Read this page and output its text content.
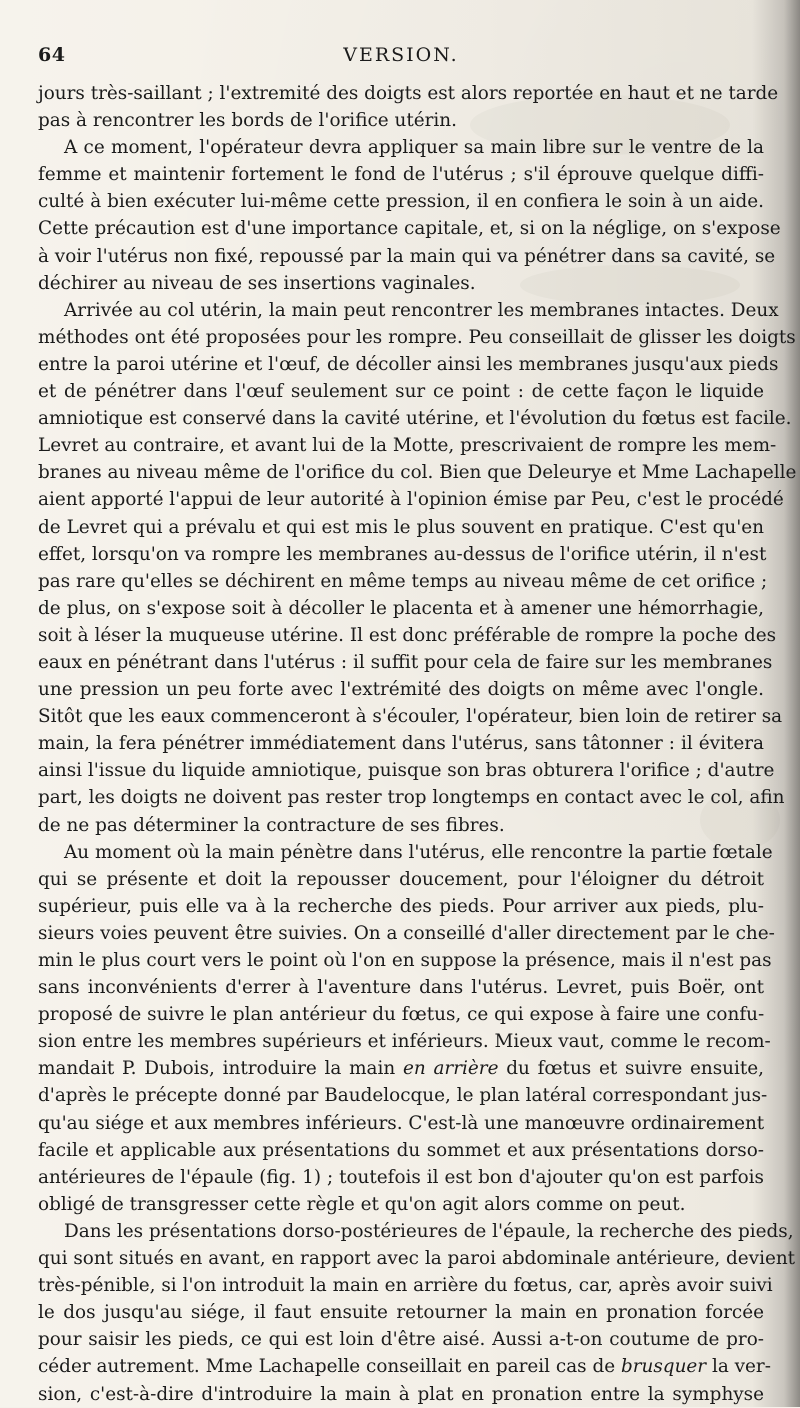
64	VERSION.
jours très-saillant ; l'extremité des doigts est alors reportée en haut et ne tarde
pas à rencontrer les bords de l'orifice utérin.
A ce moment, l'opérateur devra appliquer sa main libre sur le ventre de la
femme et maintenir fortement le fond de l'utérus ; s'il éprouve quelque diffi-
culté à bien exécuter lui-même cette pression, il en confiera le soin à un aide.
Cette précaution est d'une importance capitale, et, si on la néglige, on s'expose
à voir l'utérus non fixé, repoussé par la main qui va pénétrer dans sa cavité, se
déchirer au niveau de ses insertions vaginales.
Arrivée au col utérin, la main peut rencontrer les membranes intactes. Deux
méthodes ont été proposées pour les rompre. Peu conseillait de glisser les doigts
entre la paroi utérine et l'œuf, de décoller ainsi les membranes jusqu'aux pieds
et de pénétrer dans l'œuf seulement sur ce point : de cette façon le liquide
amniotique est conservé dans la cavité utérine, et l'évolution du fœtus est facile.
Levret au contraire, et avant lui de la Motte, prescrivaient de rompre les mem-
branes au niveau même de l'orifice du col. Bien que Deleurye et Mme Lachapelle
aient apporté l'appui de leur autorité à l'opinion émise par Peu, c'est le procédé
de Levret qui a prévalu et qui est mis le plus souvent en pratique. C'est qu'en
effet, lorsqu'on va rompre les membranes au-dessus de l'orifice utérin, il n'est
pas rare qu'elles se déchirent en même temps au niveau même de cet orifice ;
de plus, on s'expose soit à décoller le placenta et à amener une hémorrhagie,
soit à léser la muqueuse utérine. Il est donc préférable de rompre la poche des
eaux en pénétrant dans l'utérus : il suffit pour cela de faire sur les membranes
une pression un peu forte avec l'extrémité des doigts on même avec l'ongle.
Sitôt que les eaux commenceront à s'écouler, l'opérateur, bien loin de retirer sa
main, la fera pénétrer immédiatement dans l'utérus, sans tâtonner : il évitera
ainsi l'issue du liquide amniotique, puisque son bras obturera l'orifice ; d'autre
part, les doigts ne doivent pas rester trop longtemps en contact avec le col, afin
de ne pas déterminer la contracture de ses fibres.
Au moment où la main pénètre dans l'utérus, elle rencontre la partie fœtale
qui se présente et doit la repousser doucement, pour l'éloigner du détroit
supérieur, puis elle va à la recherche des pieds. Pour arriver aux pieds, plu-
sieurs voies peuvent être suivies. On a conseillé d'aller directement par le che-
min le plus court vers le point où l'on en suppose la présence, mais il n'est pas
sans inconvénients d'errer à l'aventure dans l'utérus. Levret, puis Boër, ont
proposé de suivre le plan antérieur du fœtus, ce qui expose à faire une confu-
sion entre les membres supérieurs et inférieurs. Mieux vaut, comme le recom-
mandait P. Dubois, introduire la main en arrière du fœtus et suivre ensuite,
d'après le précepte donné par Baudelocque, le plan latéral correspondant jus-
qu'au siége et aux membres inférieurs. C'est-là une manœuvre ordinairement
facile et applicable aux présentations du sommet et aux présentations dorso-
antérieures de l'épaule (fig. 1) ; toutefois il est bon d'ajouter qu'on est parfois
obligé de transgresser cette règle et qu'on agit alors comme on peut.
Dans les présentations dorso-postérieures de l'épaule, la recherche des pieds,
qui sont situés en avant, en rapport avec la paroi abdominale antérieure, devient
très-pénible, si l'on introduit la main en arrière du fœtus, car, après avoir suivi
le dos jusqu'au siége, il faut ensuite retourner la main en pronation forcée
pour saisir les pieds, ce qui est loin d'être aisé. Aussi a-t-on coutume de pro-
céder autrement. Mme Lachapelle conseillait en pareil cas de brusquer la ver-
sion, c'est-à-dire d'introduire la main à plat en pronation entre la symphyse
